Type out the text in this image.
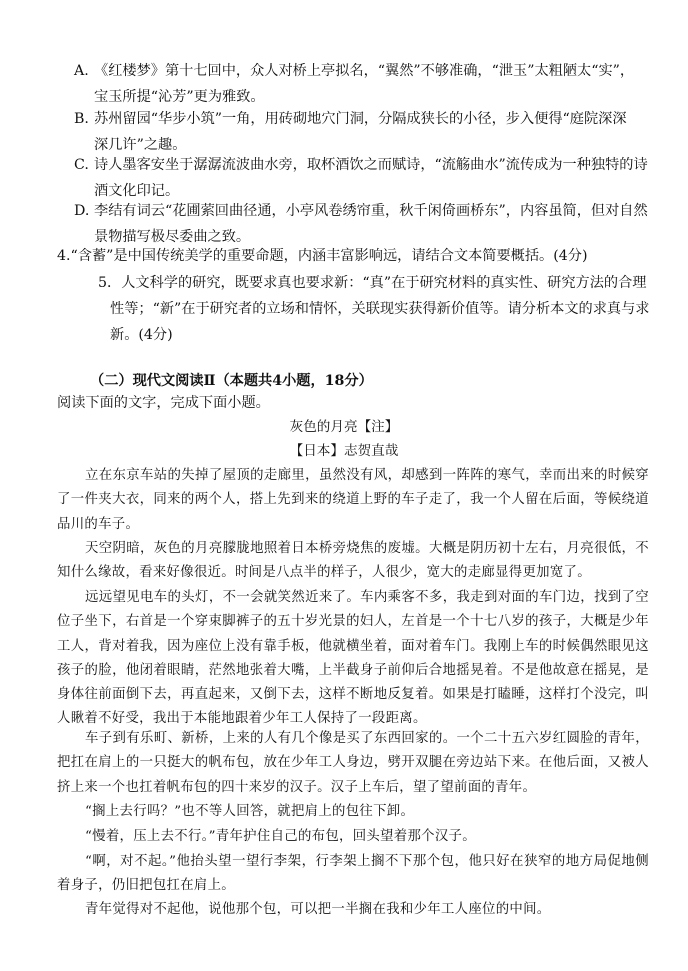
A. 《红楼梦》第十七回中，众人对桥上亭拟名，“翼然”不够准确，“泄玉”太粗陋太“实”，
宝玉所提“沁芳”更为雅致。
B. 苏州留园“华步小筑”一角，用砖砌地穴门洞，分隔成狭长的小径，步入便得“庭院深深
深几许”之趣。
C. 诗人墨客安坐于潺潺流波曲水旁，取杯酒饮之而赋诗，“流觞曲水”流传成为一种独特的诗
酒文化印记。
D. 李结有词云“花圃萦回曲径通，小亭风卷绣帘重，秋千闲倚画桥东”，内容虽简，但对自然
景物描写极尽委曲之致。
4.“含蓄”是中国传统美学的重要命题，内涵丰富影响远，请结合文本简要概括。(4分)
5．人文科学的研究，既要求真也要求新：“真”在于研究材料的真实性、研究方法的合理
性等；“新”在于研究者的立场和情怀，关联现实获得新价值等。请分析本文的求真与求
新。(4分)
（二）现代文阅读Ⅱ（本题共4小题，18分）
阅读下面的文字，完成下面小题。
灰色的月亮【注】
【日本】志贺直哉
立在东京车站的失掉了屋顶的走廊里，虽然没有风，却感到一阵阵的寒气，幸而出来的时候穿了一件夹大衣，同来的两个人，搭上先到来的绕道上野的车子走了，我一个人留在后面，等候绕道品川的车子。
天空阴暗，灰色的月亮朦胧地照着日本桥旁烧焦的废墟。大概是阴历初十左右，月亮很低，不知什么缘故，看来好像很近。时间是八点半的样子，人很少，宽大的走廊显得更加宽了。
远远望见电车的头灯，不一会就笑然近来了。车内乘客不多，我走到对面的车门边，找到了空位子坐下，右首是一个穿束脚裤子的五十岁光景的妇人，左首是一个十七八岁的孩子，大概是少年工人，背对着我，因为座位上没有靠手板，他就横坐着，面对着车门。我刚上车的时候偶然眼见这孩子的脸，他闭着眼睛，茫然地张着大嘴，上半截身子前仰后合地摇晃着。不是他故意在摇晃，是身体往前面倒下去，再直起来，又倒下去，这样不断地反复着。如果是打瞌睡，这样打个没完，叫人瞅着不好受，我出于本能地跟着少年工人保持了一段距离。
车子到有乐町、新桥，上来的人有几个像是买了东西回家的。一个二十五六岁红圆脸的青年，把扛在肩上的一只挺大的帆布包，放在少年工人身边，劈开双腿在旁边站下来。在他后面，又被人挤上来一个也扛着帆布包的四十来岁的汉子。汉子上车后，望了望前面的青年。
“搁上去行吗？”也不等人回答，就把肩上的包往下卸。
“慢着，压上去不行。”青年护住自己的布包，回头望着那个汉子。
“啊，对不起。”他抬头望一望行李架，行李架上搁不下那个包，他只好在狭窄的地方局促地侧着身子，仍旧把包扛在肩上。
青年觉得对不起他，说他那个包，可以把一半搁在我和少年工人座位的中间。
